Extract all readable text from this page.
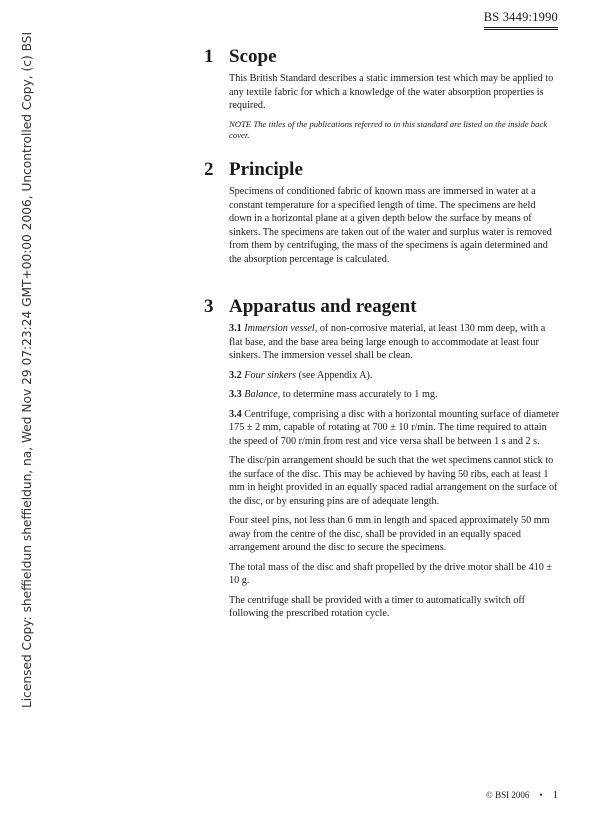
BS 3449:1990
Licensed Copy: sheffieldun sheffieldun, na, Wed Nov 29 07:23:24 GMT+00:00 2006, Uncontrolled Copy, (c) BSI	1 Scope

This British Standard describes a static immersion test which may be applied to any textile fabric for which a knowledge of the water absorption properties is required.

NOTE The titles of the publications referred to in this standard are listed on the inside back cover.

2 Principle

Specimens of conditioned fabric of known mass are immersed in water at a constant temperature for a specified length of time. The specimens are held down in a horizontal plane at a given depth below the surface by means of sinkers. The specimens are taken out of the water and surplus water is removed from them by centrifuging, the mass of the specimens is again determined and the absorption percentage is calculated.

3 Apparatus and reagent

3.1 Immersion vessel, of non-corrosive material, at least 130 mm deep, with a flat base, and the base area being large enough to accommodate at least four sinkers. The immersion vessel shall be clean.

3.2 Four sinkers (see Appendix A).

3.3 Balance, to determine mass accurately to 1 mg.

3.4 Centrifuge, comprising a disc with a horizontal mounting surface of diameter 175 ± 2 mm, capable of rotating at 700 ± 10 r/min. The time required to attain the speed of 700 r/min from rest and vice versa shall be between 1 s and 2 s.

The disc/pin arrangement should be such that the wet specimens cannot stick to the surface of the disc. This may be achieved by having 50 ribs, each at least 1 mm in height provided in an equally spaced radial arrangement on the surface of the disc, or by ensuring pins are of adequate length.

Four steel pins, not less than 6 mm in length and spaced approximately 50 mm away from the centre of the disc, shall be provided in an equally spaced arrangement around the disc to secure the specimens.

The total mass of the disc and shaft propelled by the drive motor shall be 410 ± 10 g.

The centrifuge shall be provided with a timer to automatically switch off following the prescribed rotation cycle.

© BSI 2006 • 1
